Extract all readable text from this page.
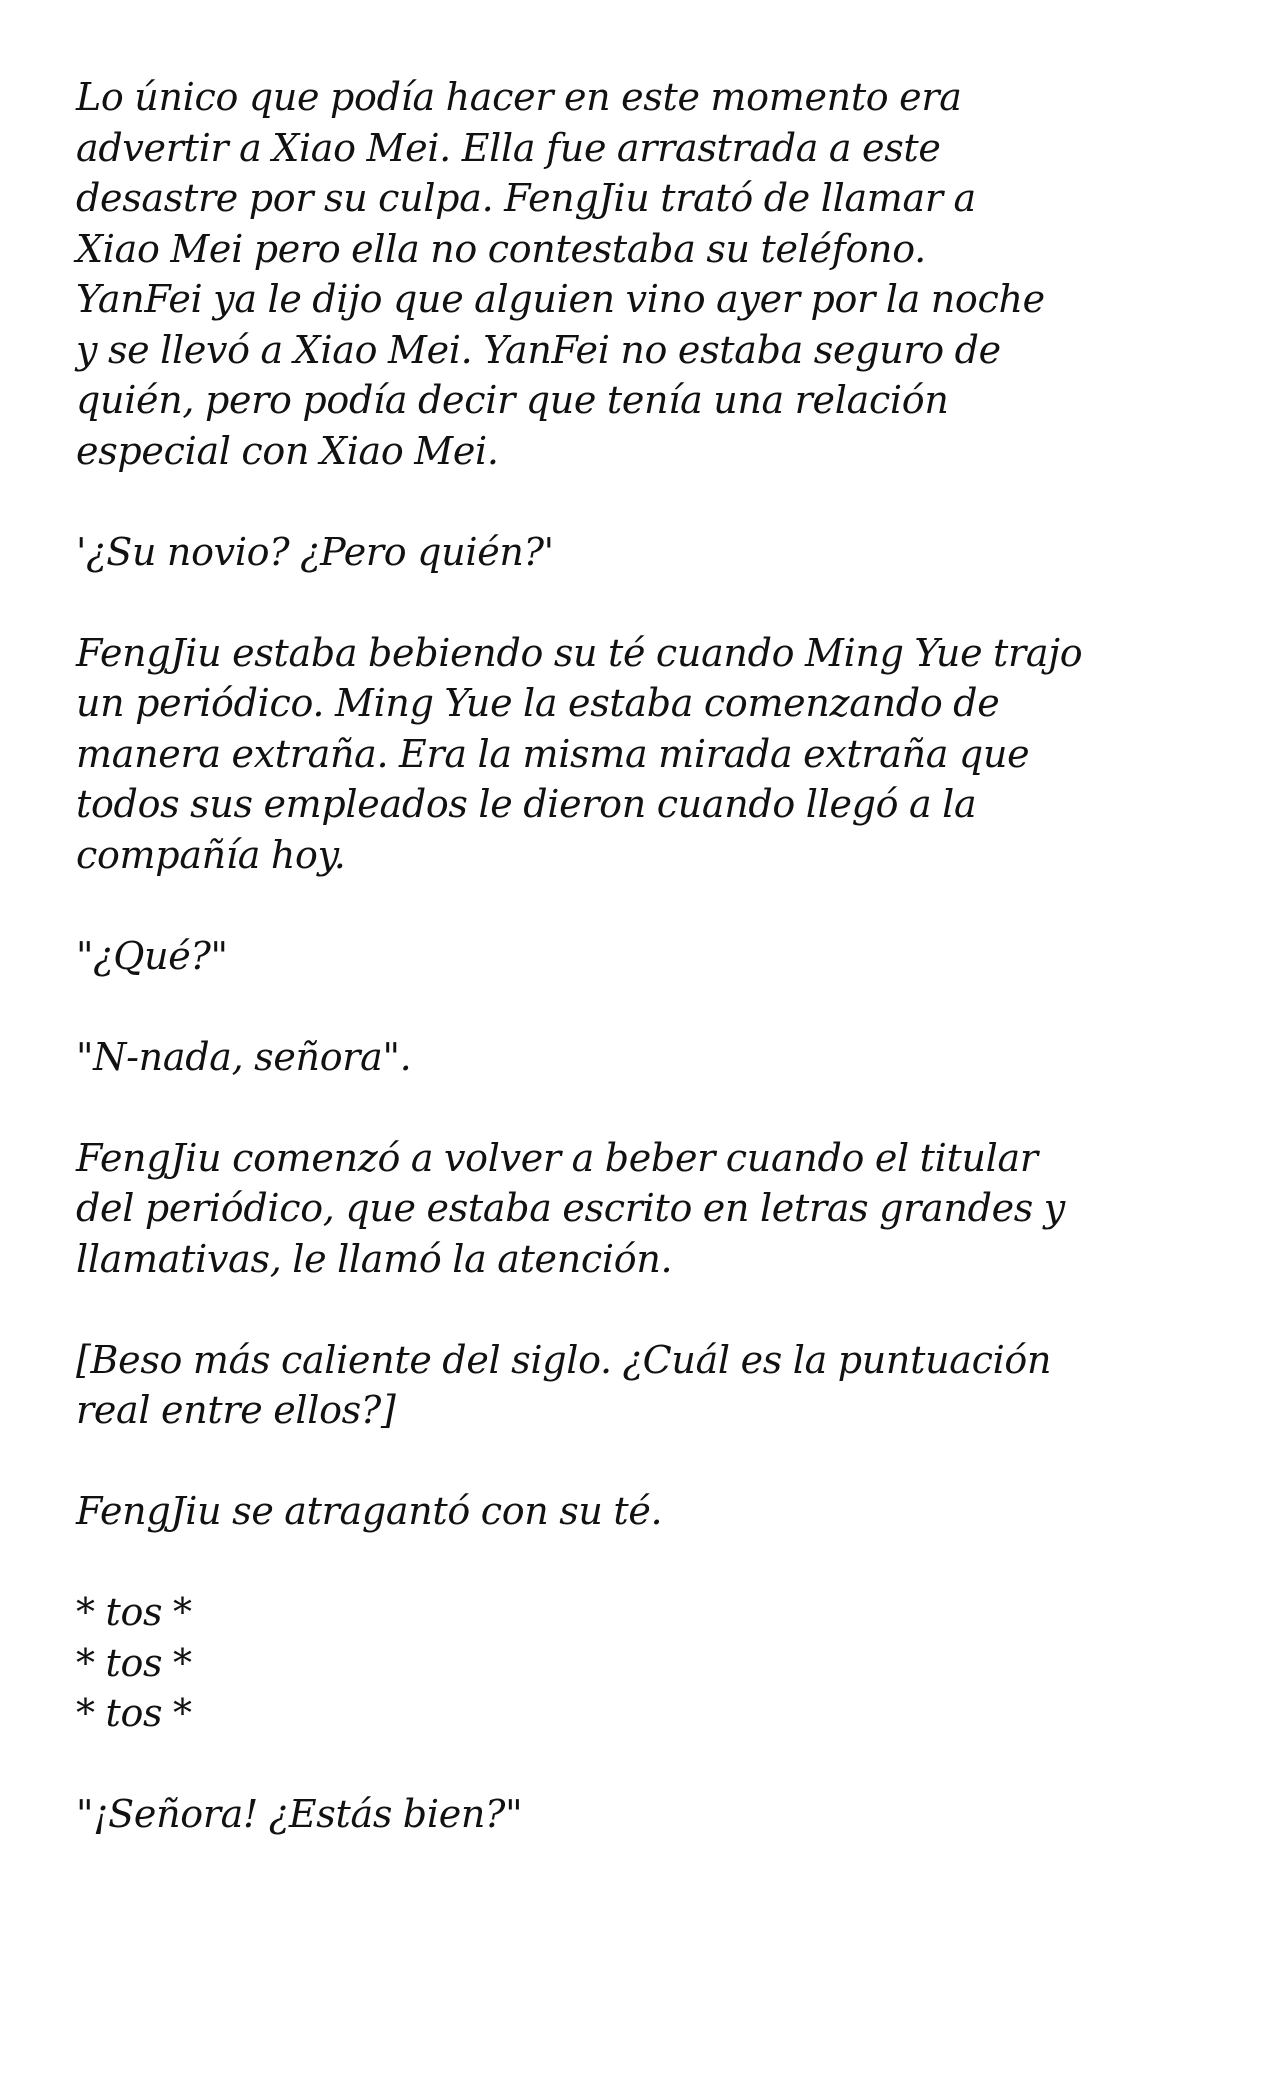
Lo único que podía hacer en este momento era
advertir a Xiao Mei. Ella fue arrastrada a este
desastre por su culpa. FengJiu trató de llamar a
Xiao Mei pero ella no contestaba su teléfono.
YanFei ya le dijo que alguien vino ayer por la noche
y se llevó a Xiao Mei. YanFei no estaba seguro de
quién, pero podía decir que tenía una relación
especial con Xiao Mei.

'¿Su novio? ¿Pero quién?'

FengJiu estaba bebiendo su té cuando Ming Yue trajo
un periódico. Ming Yue la estaba comenzando de
manera extraña. Era la misma mirada extraña que
todos sus empleados le dieron cuando llegó a la
compañía hoy.

"¿Qué?"

"N-nada, señora".

FengJiu comenzó a volver a beber cuando el titular
del periódico, que estaba escrito en letras grandes y
llamativas, le llamó la atención.

[Beso más caliente del siglo. ¿Cuál es la puntuación
real entre ellos?]

FengJiu se atragantó con su té.

* tos *
* tos *
* tos *

"¡Señora! ¿Estás bien?"
